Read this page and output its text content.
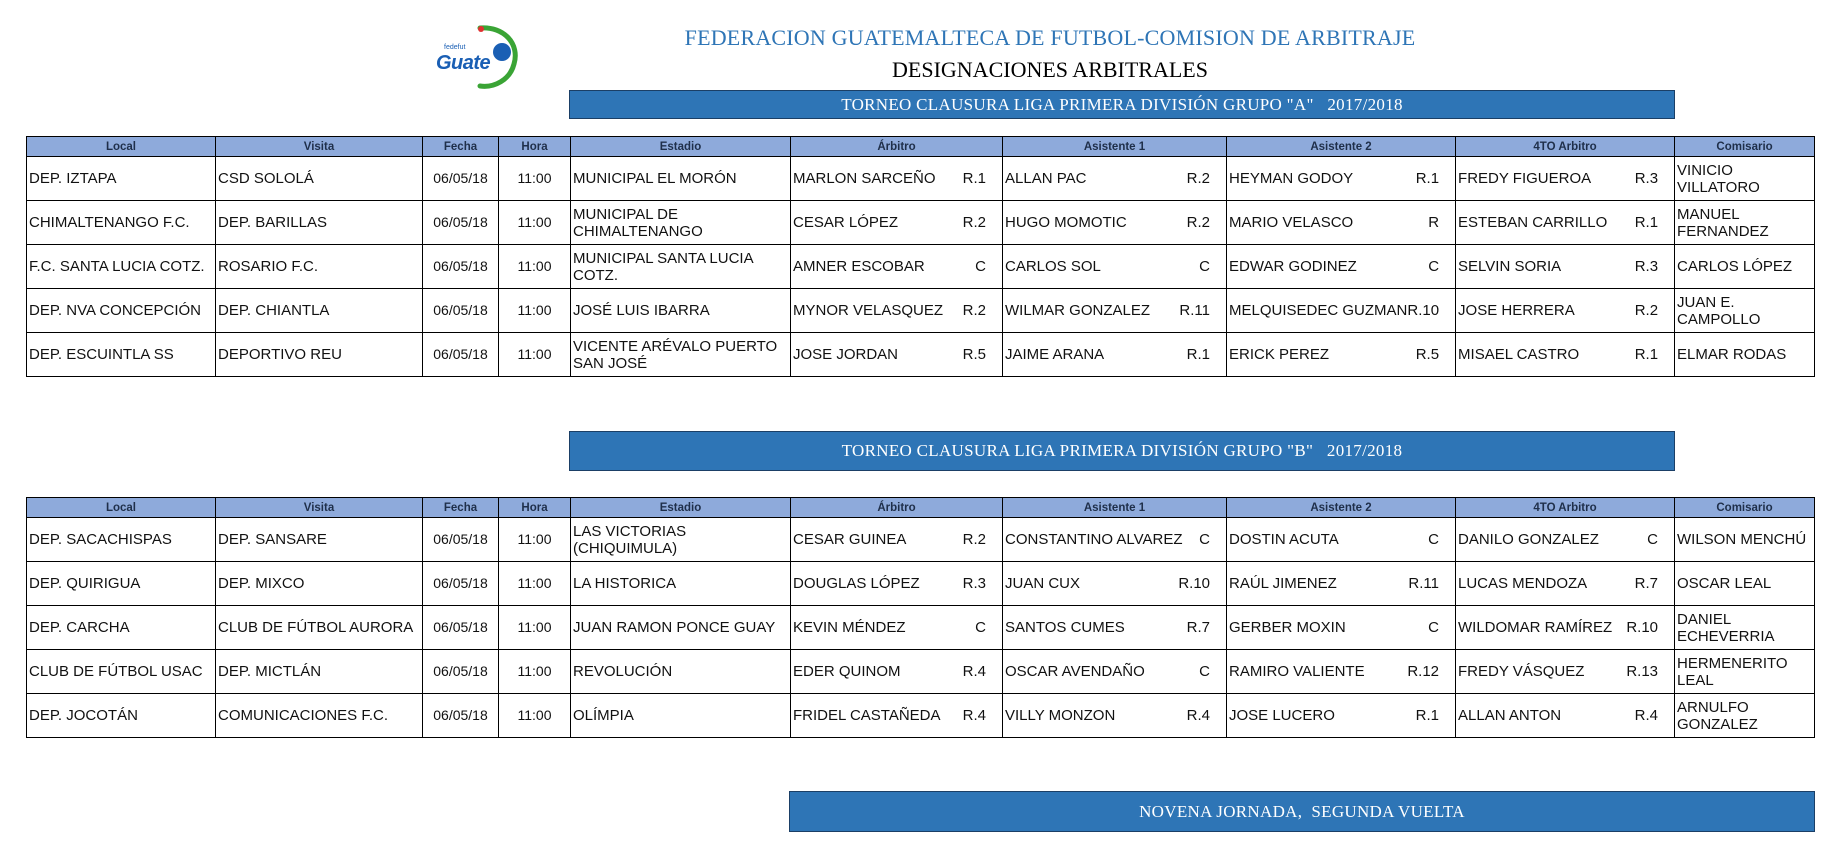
fedefut
Guate
FEDERACION GUATEMALTECA DE FUTBOL-COMISION DE ARBITRAJE
DESIGNACIONES ARBITRALES
TORNEO CLAUSURA LIGA PRIMERA DIVISIÓN GRUPO "A"   2017/2018
Local	Visita	Fecha	Hora	Estadio	Árbitro	Asistente 1	Asistente 2	4TO Arbitro	Comisario
DEP. IZTAPA	CSD SOLOLÁ	06/05/18	11:00	MUNICIPAL EL MORÓN	MARLON SARCEÑO R.1	ALLAN PAC R.2	HEYMAN GODOY R.1	FREDY FIGUEROA R.3	VINICIO VILLATORO
CHIMALTENANGO F.C.	DEP. BARILLAS	06/05/18	11:00	MUNICIPAL DE CHIMALTENANGO	CESAR LÓPEZ R.2	HUGO MOMOTIC R.2	MARIO VELASCO R	ESTEBAN CARRILLO R.1	MANUEL FERNANDEZ
F.C. SANTA LUCIA COTZ.	ROSARIO F.C.	06/05/18	11:00	MUNICIPAL SANTA LUCIA COTZ.	AMNER ESCOBAR C	CARLOS SOL C	EDWAR GODINEZ C	SELVIN SORIA R.3	CARLOS LÓPEZ
DEP. NVA CONCEPCIÓN	DEP. CHIANTLA	06/05/18	11:00	JOSÉ LUIS IBARRA	MYNOR VELASQUEZ R.2	WILMAR GONZALEZ R.11	MELQUISEDEC GUZMAN R.10	JOSE HERRERA R.2	JUAN E. CAMPOLLO
DEP. ESCUINTLA SS	DEPORTIVO REU	06/05/18	11:00	VICENTE ARÉVALO PUERTO SAN JOSÉ	JOSE JORDAN R.5	JAIME ARANA R.1	ERICK PEREZ R.5	MISAEL CASTRO R.1	ELMAR RODAS
TORNEO CLAUSURA LIGA PRIMERA DIVISIÓN GRUPO "B"   2017/2018
Local	Visita	Fecha	Hora	Estadio	Árbitro	Asistente 1	Asistente 2	4TO Arbitro	Comisario
DEP. SACACHISPAS	DEP. SANSARE	06/05/18	11:00	LAS VICTORIAS (CHIQUIMULA)	CESAR GUINEA R.2	CONSTANTINO ALVAREZ C	DOSTIN ACUTA C	DANILO GONZALEZ C	WILSON MENCHÚ
DEP. QUIRIGUA	DEP. MIXCO	06/05/18	11:00	LA HISTORICA	DOUGLAS LÓPEZ R.3	JUAN CUX R.10	RAÚL JIMENEZ R.11	LUCAS MENDOZA R.7	OSCAR LEAL
DEP. CARCHA	CLUB DE FÚTBOL AURORA	06/05/18	11:00	JUAN RAMON PONCE GUAY	KEVIN MÉNDEZ C	SANTOS CUMES R.7	GERBER MOXIN C	WILDOMAR RAMÍREZ R.10	DANIEL ECHEVERRIA
CLUB DE FÚTBOL USAC	DEP. MICTLÁN	06/05/18	11:00	REVOLUCIÓN	EDER QUINOM R.4	OSCAR AVENDAÑO C	RAMIRO VALIENTE R.12	FREDY VÁSQUEZ R.13	HERMENERITO LEAL
DEP. JOCOTÁN	COMUNICACIONES F.C.	06/05/18	11:00	OLÍMPIA	FRIDEL CASTAÑEDA R.4	VILLY MONZON R.4	JOSE LUCERO R.1	ALLAN ANTON R.4	ARNULFO GONZALEZ
NOVENA JORNADA,  SEGUNDA VUELTA
